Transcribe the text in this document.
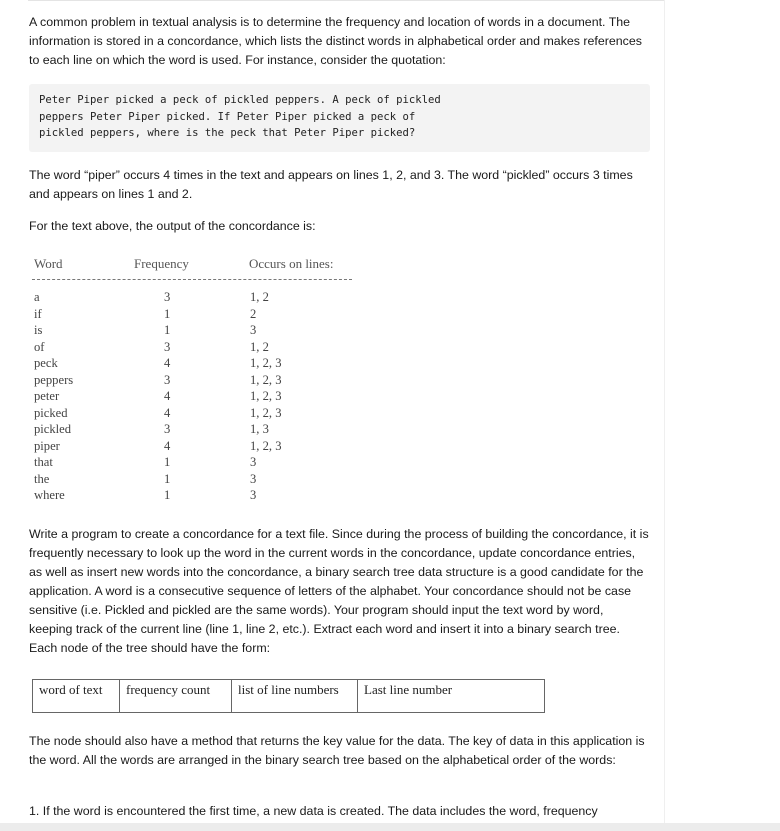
A common problem in textual analysis is to determine the frequency and location of words in a document. The information is stored in a concordance, which lists the distinct words in alphabetical order and makes references to each line on which the word is used. For instance, consider the quotation:

Peter Piper picked a peck of pickled peppers. A peck of pickled
peppers Peter Piper picked. If Peter Piper picked a peck of
pickled peppers, where is the peck that Peter Piper picked?

The word “piper” occurs 4 times in the text and appears on lines 1, 2, and 3. The word “pickled” occurs 3 times and appears on lines 1 and 2.

For the text above, the output of the concordance is:

Word	Frequency	Occurs on lines:
a	3	1, 2
if	1	2
is	1	3
of	3	1, 2
peck	4	1, 2, 3
peppers	3	1, 2, 3
peter	4	1, 2, 3
picked	4	1, 2, 3
pickled	3	1, 3
piper	4	1, 2, 3
that	1	3
the	1	3
where	1	3

Write a program to create a concordance for a text file. Since during the process of building the concordance, it is frequently necessary to look up the word in the current words in the concordance, update concordance entries, as well as insert new words into the concordance, a binary search tree data structure is a good candidate for the application. A word is a consecutive sequence of letters of the alphabet. Your concordance should not be case sensitive (i.e. Pickled and pickled are the same words). Your program should input the text word by word, keeping track of the current line (line 1, line 2, etc.). Extract each word and insert it into a binary search tree. Each node of the tree should have the form:

word of text	frequency count	list of line numbers	Last line number

The node should also have a method that returns the key value for the data. The key of data in this application is the word. All the words are arranged in the binary search tree based on the alphabetical order of the words:

1. If the word is encountered the first time, a new data is created. The data includes the word, frequency
